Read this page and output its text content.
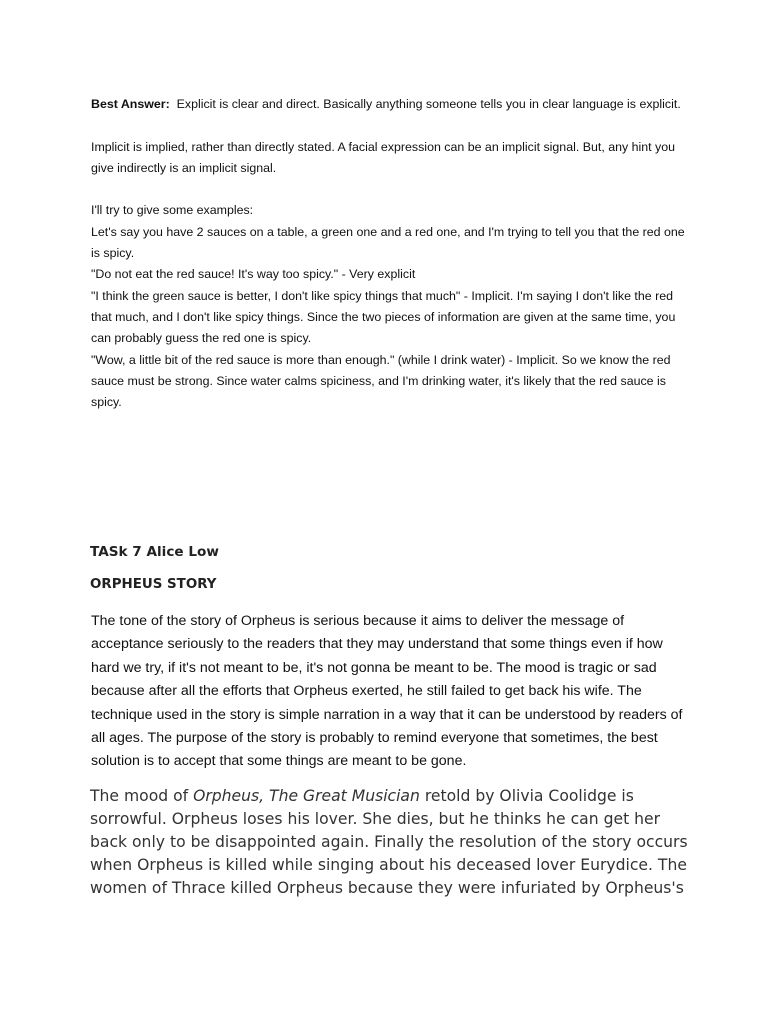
Best Answer: Explicit is clear and direct. Basically anything someone tells you in clear language is explicit.

Implicit is implied, rather than directly stated. A facial expression can be an implicit signal. But, any hint you give indirectly is an implicit signal.

I'll try to give some examples:

Let's say you have 2 sauces on a table, a green one and a red one, and I'm trying to tell you that the red one is spicy.

"Do not eat the red sauce! It's way too spicy." - Very explicit

"I think the green sauce is better, I don't like spicy things that much" - Implicit. I'm saying I don't like the red that much, and I don't like spicy things. Since the two pieces of information are given at the same time, you can probably guess the red one is spicy.

"Wow, a little bit of the red sauce is more than enough." (while I drink water) - Implicit. So we know the red sauce must be strong. Since water calms spiciness, and I'm drinking water, it's likely that the red sauce is spicy.

TASk 7 Alice Low
ORPHEUS STORY

The tone of the story of Orpheus is serious because it aims to deliver the message of acceptance seriously to the readers that they may understand that some things even if how hard we try, if it's not meant to be, it's not gonna be meant to be. The mood is tragic or sad because after all the efforts that Orpheus exerted, he still failed to get back his wife. The technique used in the story is simple narration in a way that it can be understood by readers of all ages. The purpose of the story is probably to remind everyone that sometimes, the best solution is to accept that some things are meant to be gone.

The mood of Orpheus, The Great Musician retold by Olivia Coolidge is sorrowful. Orpheus loses his lover. She dies, but he thinks he can get her back only to be disappointed again. Finally the resolution of the story occurs when Orpheus is killed while singing about his deceased lover Eurydice. The women of Thrace killed Orpheus because they were infuriated by Orpheus's
